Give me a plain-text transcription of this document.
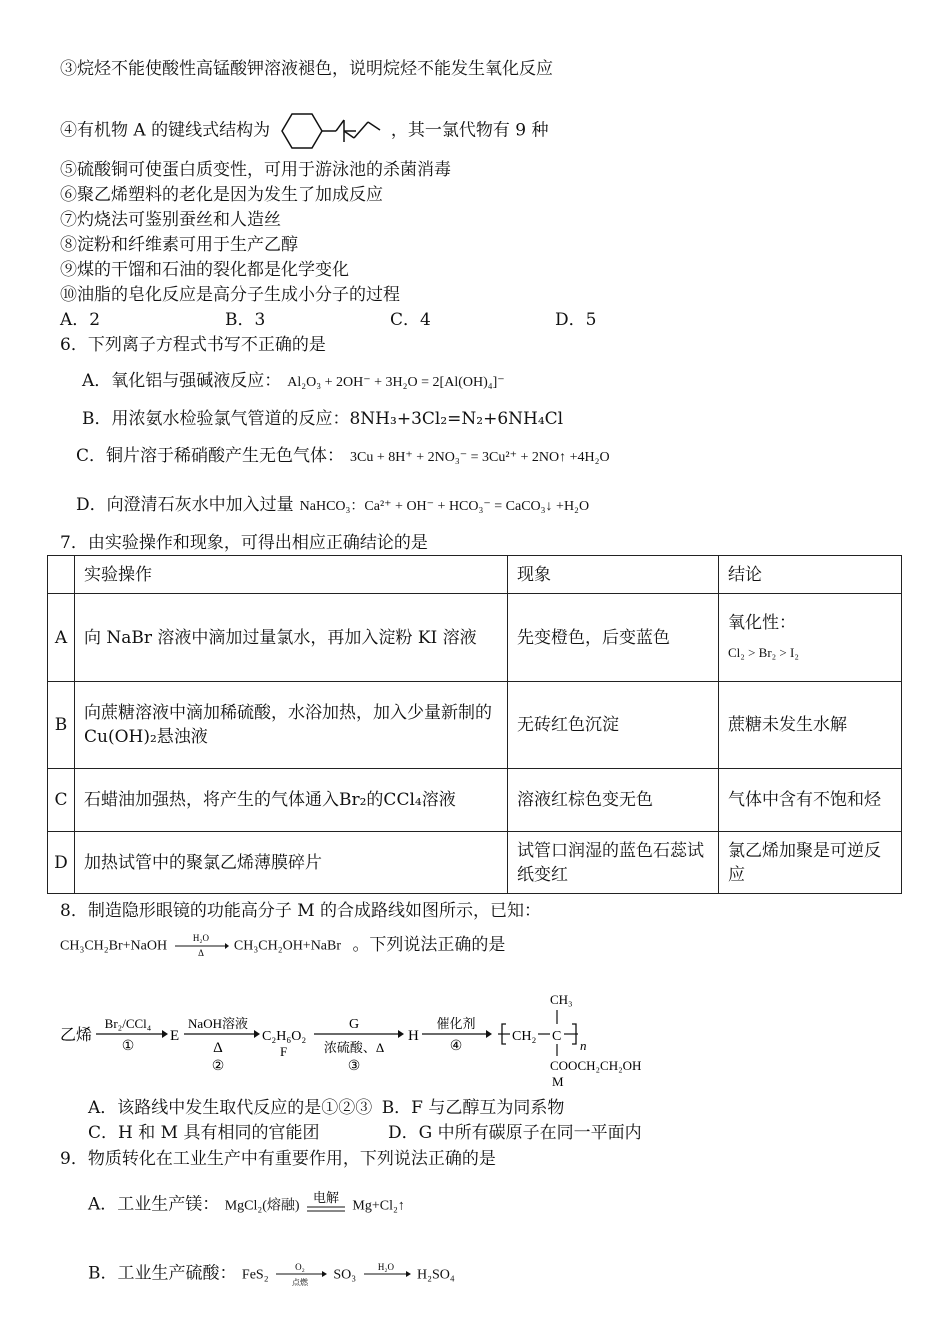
③烷烃不能使酸性高锰酸钾溶液褪色，说明烷烃不能发生氧化反应
④有机物 A 的键线式结构为	，其一氯代物有 9 种
⑤硫酸铜可使蛋白质变性，可用于游泳池的杀菌消毒
⑥聚乙烯塑料的老化是因为发生了加成反应
⑦灼烧法可鉴别蚕丝和人造丝
⑧淀粉和纤维素可用于生产乙醇
⑨煤的干馏和石油的裂化都是化学变化
⑩油脂的皂化反应是高分子生成小分子的过程
A．2	B．3	C．4	D．5
6．下列离子方程式书写不正确的是
A．氧化铝与强碱液反应： Al₂O₃ + 2OH⁻ + 3H₂O = 2[Al(OH)₄]⁻
B．用浓氨水检验氯气管道的反应：8NH₃+3Cl₂=N₂+6NH₄Cl
C．铜片溶于稀硝酸产生无色气体： 3Cu + 8H⁺ + 2NO₃⁻ = 3Cu²⁺ + 2NO↑ +4H₂O
D．向澄清石灰水中加入过量 NaHCO₃：Ca²⁺ + OH⁻ + HCO₃⁻ = CaCO₃↓ +H₂O
7．由实验操作和现象，可得出相应正确结论的是
	实验操作	现象	结论
A	向 NaBr 溶液中滴加过量氯水，再加入淀粉 KI 溶液	先变橙色，后变蓝色	氧化性：
Cl₂ > Br₂ > I₂

B	向蔗糖溶液中滴加稀硫酸，水浴加热，加入少量新制的Cu(OH)₂悬浊液	无砖红色沉淀	蔗糖未发生水解
C	石蜡油加强热，将产生的气体通入Br₂的CCl₄溶液	溶液红棕色变无色	气体中含有不饱和烃
D	加热试管中的聚氯乙烯薄膜碎片	试管口润湿的蓝色石蕊试纸变红	氯乙烯加聚是可逆反应
8．制造隐形眼镜的功能高分子 M 的合成路线如图所示，已知：
CH₃CH₂Br+NaOH
H₂O
Δ CH₃CH₂OH+NaBr 。下列说法正确的是
乙烯
Br₂/CCl₄
①
E
NaOH溶液
Δ
②
C₂H₆O₂
F
G
浓硫酸、Δ
③
H
催化剂
④
CH₂ C
CH₃
COOCH₂CH₂OH
n
M
A．该路线中发生取代反应的是①②③ B．F 与乙醇互为同系物
C．H 和 M 具有相同的官能团	D．G 中所有碳原子在同一平面内
9．物质转化在工业生产中有重要作用，下列说法正确的是
A．工业生产镁： MgCl₂(熔融)
电解
Mg+Cl₂↑
B．工业生产硫酸： FeS₂
O₂
点燃 SO₃
H₂O
H₂SO₄
